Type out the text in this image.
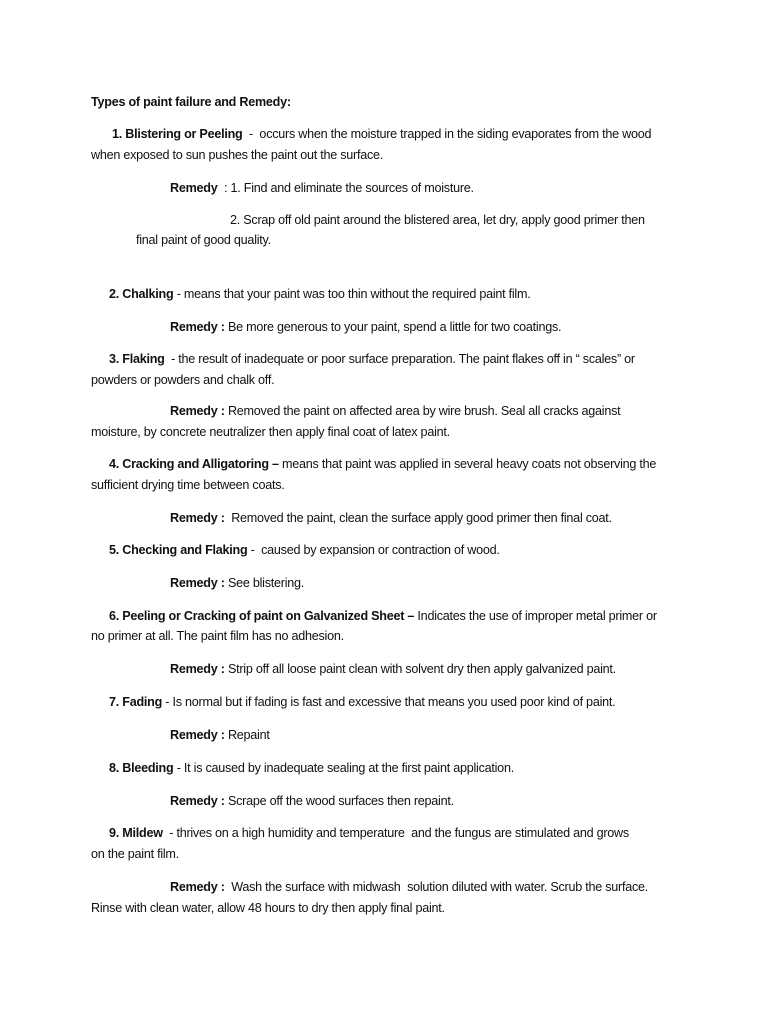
Types of paint failure and Remedy:
1. Blistering or Peeling  -  occurs when the moisture trapped in the siding evaporates from the wood
when exposed to sun pushes the paint out the surface.
Remedy  : 1. Find and eliminate the sources of moisture.
2. Scrap off old paint around the blistered area, let dry, apply good primer then
final paint of good quality.
2. Chalking - means that your paint was too thin without the required paint film.
Remedy : Be more generous to your paint, spend a little for two coatings.
3. Flaking  - the result of inadequate or poor surface preparation. The paint flakes off in “ scales” or
powders or powders and chalk off.
Remedy : Removed the paint on affected area by wire brush. Seal all cracks against
moisture, by concrete neutralizer then apply final coat of latex paint.
4. Cracking and Alligatoring – means that paint was applied in several heavy coats not observing the
sufficient drying time between coats.
Remedy :  Removed the paint, clean the surface apply good primer then final coat.
5. Checking and Flaking -  caused by expansion or contraction of wood.
Remedy : See blistering.
6. Peeling or Cracking of paint on Galvanized Sheet – Indicates the use of improper metal primer or
no primer at all. The paint film has no adhesion.
Remedy : Strip off all loose paint clean with solvent dry then apply galvanized paint.
7. Fading - Is normal but if fading is fast and excessive that means you used poor kind of paint.
Remedy : Repaint
8. Bleeding - It is caused by inadequate sealing at the first paint application.
Remedy : Scrape off the wood surfaces then repaint.
9. Mildew  - thrives on a high humidity and temperature  and the fungus are stimulated and grows
on the paint film.
Remedy :  Wash the surface with midwash  solution diluted with water. Scrub the surface.
Rinse with clean water, allow 48 hours to dry then apply final paint.
